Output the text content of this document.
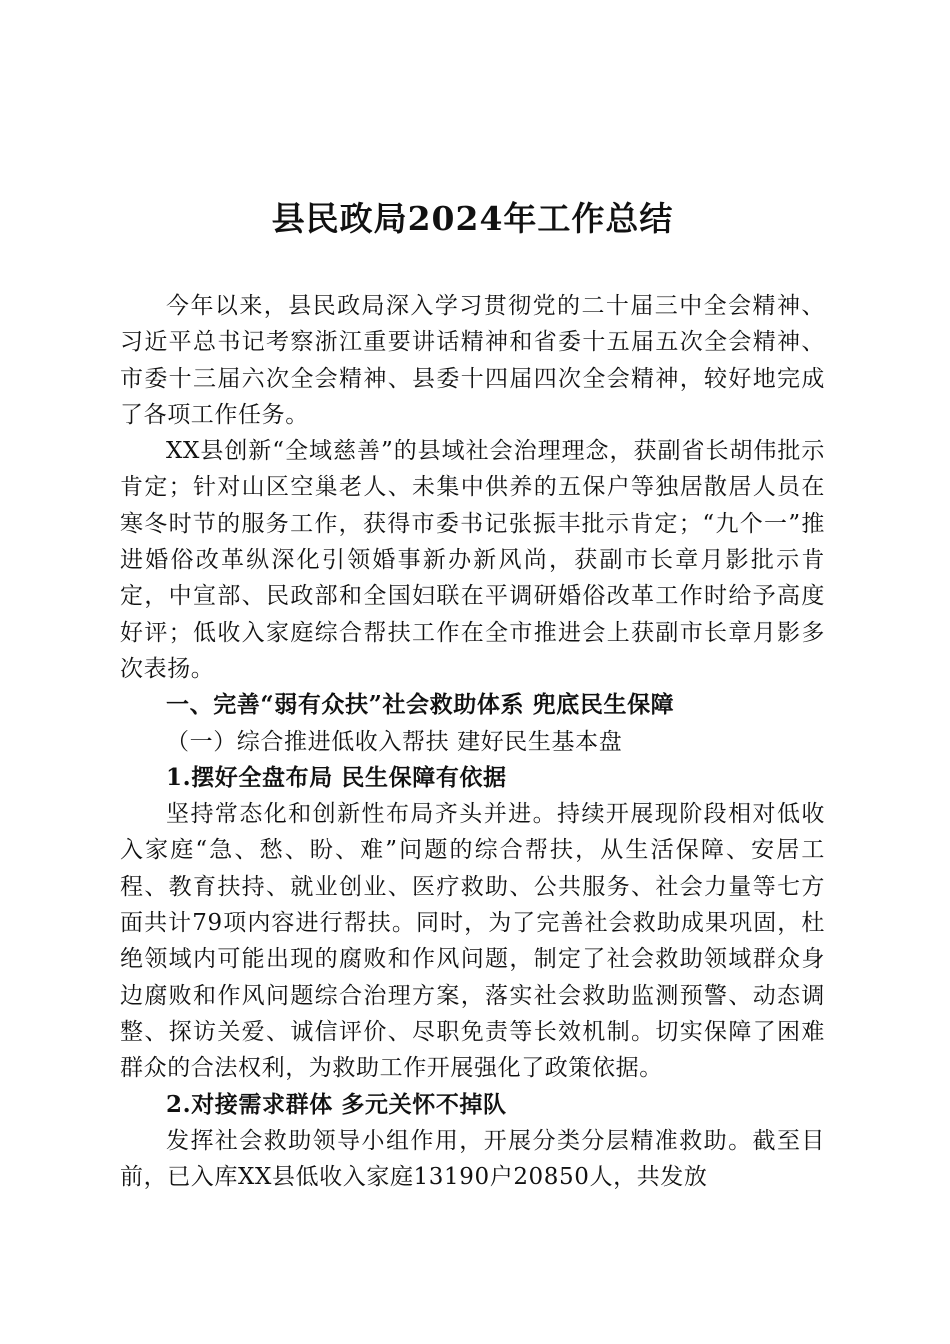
县民政局2024年工作总结

今年以来，县民政局深入学习贯彻党的二十届三中全会精神、习近平总书记考察浙江重要讲话精神和省委十五届五次全会精神、市委十三届六次全会精神、县委十四届四次全会精神，较好地完成了各项工作任务。

XX县创新“全域慈善”的县域社会治理理念，获副省长胡伟批示肯定；针对山区空巢老人、未集中供养的五保户等独居散居人员在寒冬时节的服务工作，获得市委书记张振丰批示肯定；“九个一”推进婚俗改革纵深化引领婚事新办新风尚，获副市长章月影批示肯定，中宣部、民政部和全国妇联在平调研婚俗改革工作时给予高度好评；低收入家庭综合帮扶工作在全市推进会上获副市长章月影多次表扬。

一、完善“弱有众扶”社会救助体系 兜底民生保障

（一）综合推进低收入帮扶 建好民生基本盘

1.摆好全盘布局 民生保障有依据

坚持常态化和创新性布局齐头并进。持续开展现阶段相对低收入家庭“急、愁、盼、难”问题的综合帮扶，从生活保障、安居工程、教育扶持、就业创业、医疗救助、公共服务、社会力量等七方面共计79项内容进行帮扶。同时，为了完善社会救助成果巩固，杜绝领域内可能出现的腐败和作风问题，制定了社会救助领域群众身边腐败和作风问题综合治理方案，落实社会救助监测预警、动态调整、探访关爱、诚信评价、尽职免责等长效机制。切实保障了困难群众的合法权利，为救助工作开展强化了政策依据。

2.对接需求群体 多元关怀不掉队

发挥社会救助领导小组作用，开展分类分层精准救助。截至目前，已入库XX县低收入家庭13190户20850人，共发放
